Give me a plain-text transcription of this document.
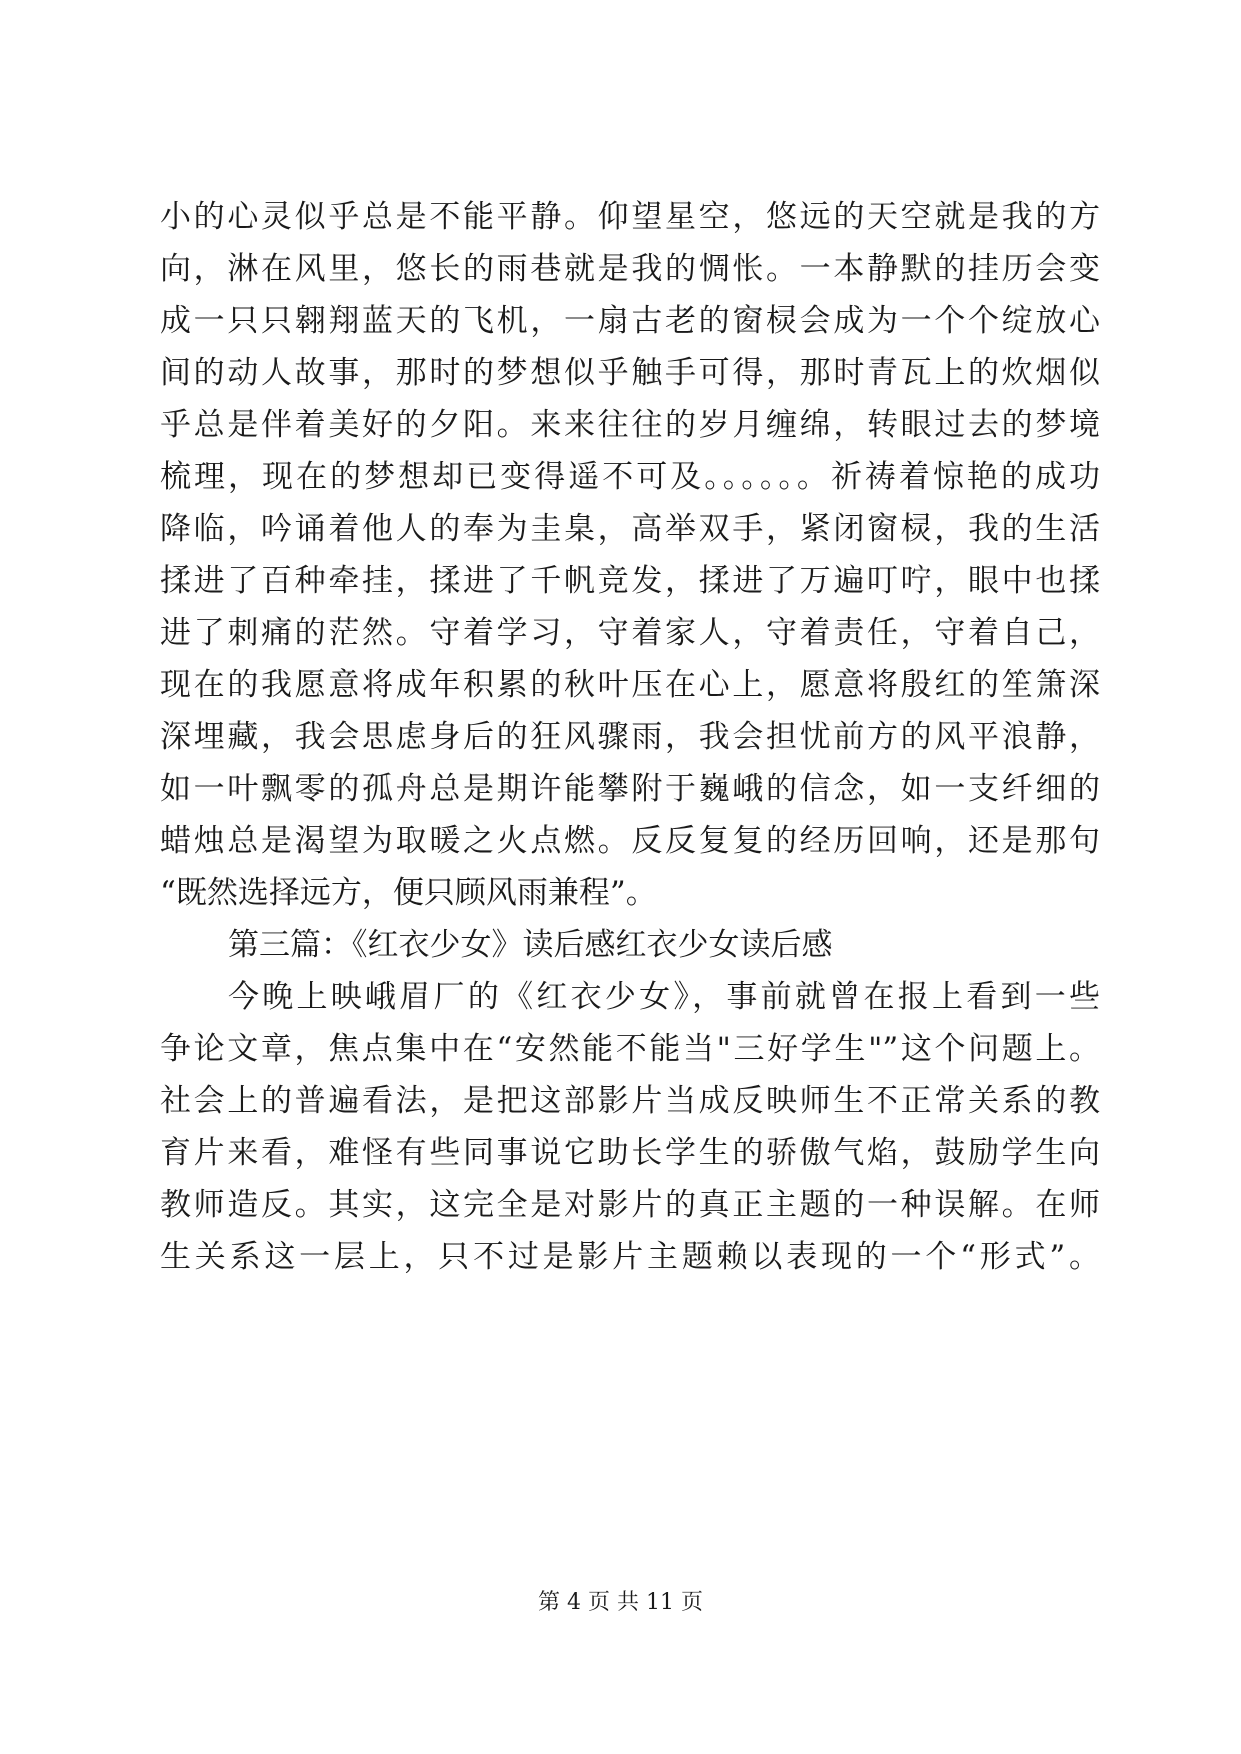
小的心灵似乎总是不能平静。仰望星空，悠远的天空就是我的方
向，淋在风里，悠长的雨巷就是我的惆怅。一本静默的挂历会变
成一只只翱翔蓝天的飞机，一扇古老的窗棂会成为一个个绽放心
间的动人故事，那时的梦想似乎触手可得，那时青瓦上的炊烟似
乎总是伴着美好的夕阳。来来往往的岁月缠绵，转眼过去的梦境
梳理，现在的梦想却已变得遥不可及。。。。。。祈祷着惊艳的成功
降临，吟诵着他人的奉为圭臬，高举双手，紧闭窗棂，我的生活
揉进了百种牵挂，揉进了千帆竞发，揉进了万遍叮咛，眼中也揉
进了刺痛的茫然。守着学习，守着家人，守着责任，守着自己，
现在的我愿意将成年积累的秋叶压在心上，愿意将殷红的笙箫深
深埋藏，我会思虑身后的狂风骤雨，我会担忧前方的风平浪静，
如一叶飘零的孤舟总是期许能攀附于巍峨的信念，如一支纤细的
蜡烛总是渴望为取暖之火点燃。反反复复的经历回响，还是那句
“既然选择远方，便只顾风雨兼程”。
第三篇：《红衣少女》读后感红衣少女读后感
今晚上映峨眉厂的《红衣少女》，事前就曾在报上看到一些
争论文章，焦点集中在“安然能不能当"三好学生"”这个问题上。
社会上的普遍看法，是把这部影片当成反映师生不正常关系的教
育片来看，难怪有些同事说它助长学生的骄傲气焰，鼓励学生向
教师造反。其实，这完全是对影片的真正主题的一种误解。在师
生关系这一层上，只不过是影片主题赖以表现的一个“形式”。
第 4 页 共 11 页
